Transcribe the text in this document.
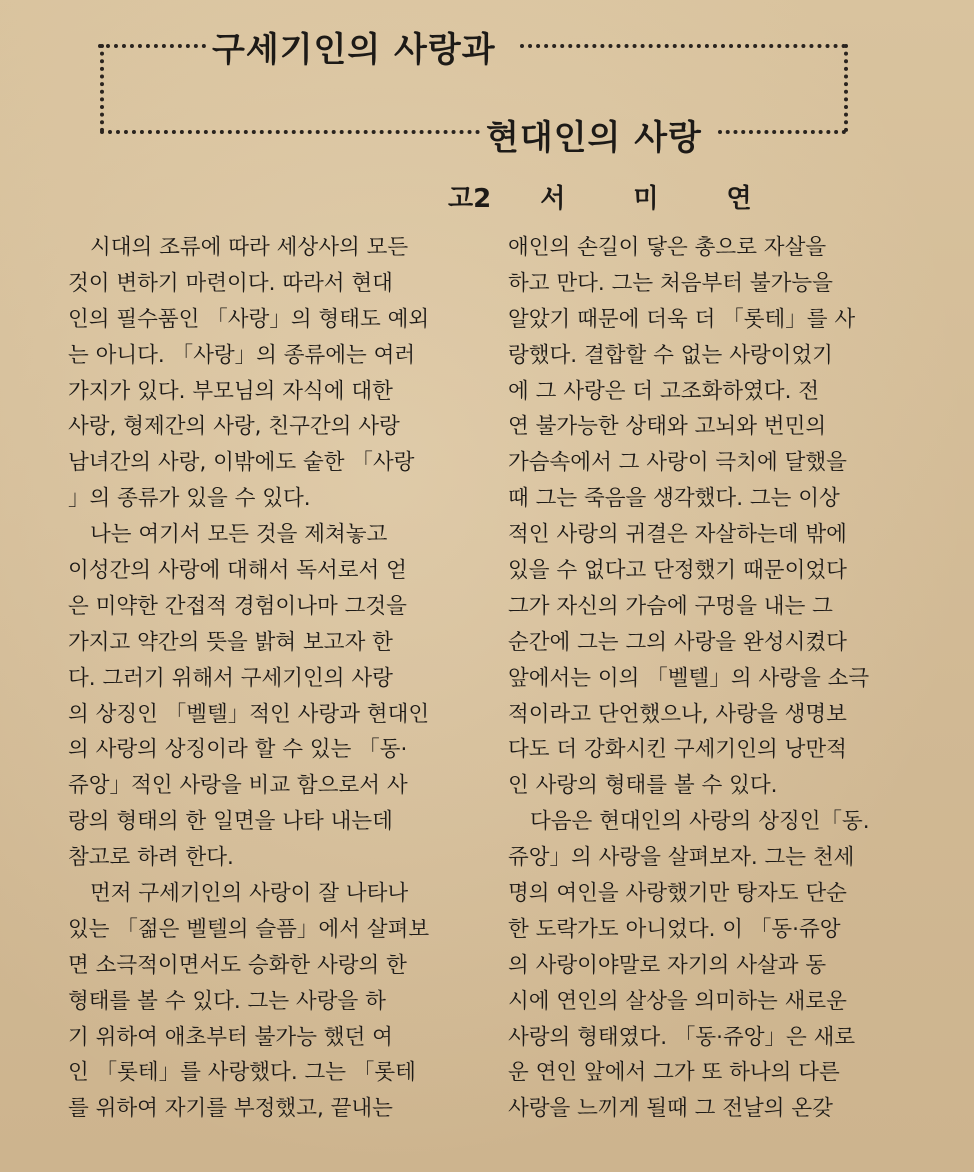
구세기인의 사랑과
현대인의 사랑
고2 서미연
시대의 조류에 따라 세상사의 모든
것이 변하기 마련이다. 따라서 현대
인의 필수품인 「사랑」의 형태도 예외
는 아니다. 「사랑」의 종류에는 여러
가지가 있다. 부모님의 자식에 대한
사랑, 형제간의 사랑, 친구간의 사랑
남녀간의 사랑, 이밖에도 숱한 「사랑
」의 종류가 있을 수 있다.
나는 여기서 모든 것을 제쳐놓고
이성간의 사랑에 대해서 독서로서 얻
은 미약한 간접적 경험이나마 그것을
가지고 약간의 뜻을 밝혀 보고자 한
다. 그러기 위해서 구세기인의 사랑
의 상징인 「벨텔」적인 사랑과 현대인
의 사랑의 상징이라 할 수 있는 「동·
쥬앙」적인 사랑을 비교 함으로서 사
랑의 형태의 한 일면을 나타 내는데
참고로 하려 한다.
먼저 구세기인의 사랑이 잘 나타나
있는 「젊은 벨텔의 슬픔」에서 살펴보
면 소극적이면서도 승화한 사랑의 한
형태를 볼 수 있다. 그는 사랑을 하
기 위하여 애초부터 불가능 했던 여
인 「롯테」를 사랑했다. 그는 「롯테
를 위하여 자기를 부정했고, 끝내는
애인의 손길이 닿은 총으로 자살을
하고 만다. 그는 처음부터 불가능을
알았기 때문에 더욱 더 「롯테」를 사
랑했다. 결합할 수 없는 사랑이었기
에 그 사랑은 더 고조화하였다. 전
연 불가능한 상태와 고뇌와 번민의
가슴속에서 그 사랑이 극치에 달했을
때 그는 죽음을 생각했다. 그는 이상
적인 사랑의 귀결은 자살하는데 밖에
있을 수 없다고 단정했기 때문이었다
그가 자신의 가슴에 구멍을 내는 그
순간에 그는 그의 사랑을 완성시켰다
앞에서는 이의 「벨텔」의 사랑을 소극
적이라고 단언했으나, 사랑을 생명보
다도 더 강화시킨 구세기인의 낭만적
인 사랑의 형태를 볼 수 있다.
다음은 현대인의 사랑의 상징인「동.
쥬앙」의 사랑을 살펴보자. 그는 천세
명의 여인을 사랑했기만 탕자도 단순
한 도락가도 아니었다. 이 「동·쥬앙
의 사랑이야말로 자기의 사살과 동
시에 연인의 살상을 의미하는 새로운
사랑의 형태였다. 「동·쥬앙」은 새로
운 연인 앞에서 그가 또 하나의 다른
사랑을 느끼게 될때 그 전날의 온갖
